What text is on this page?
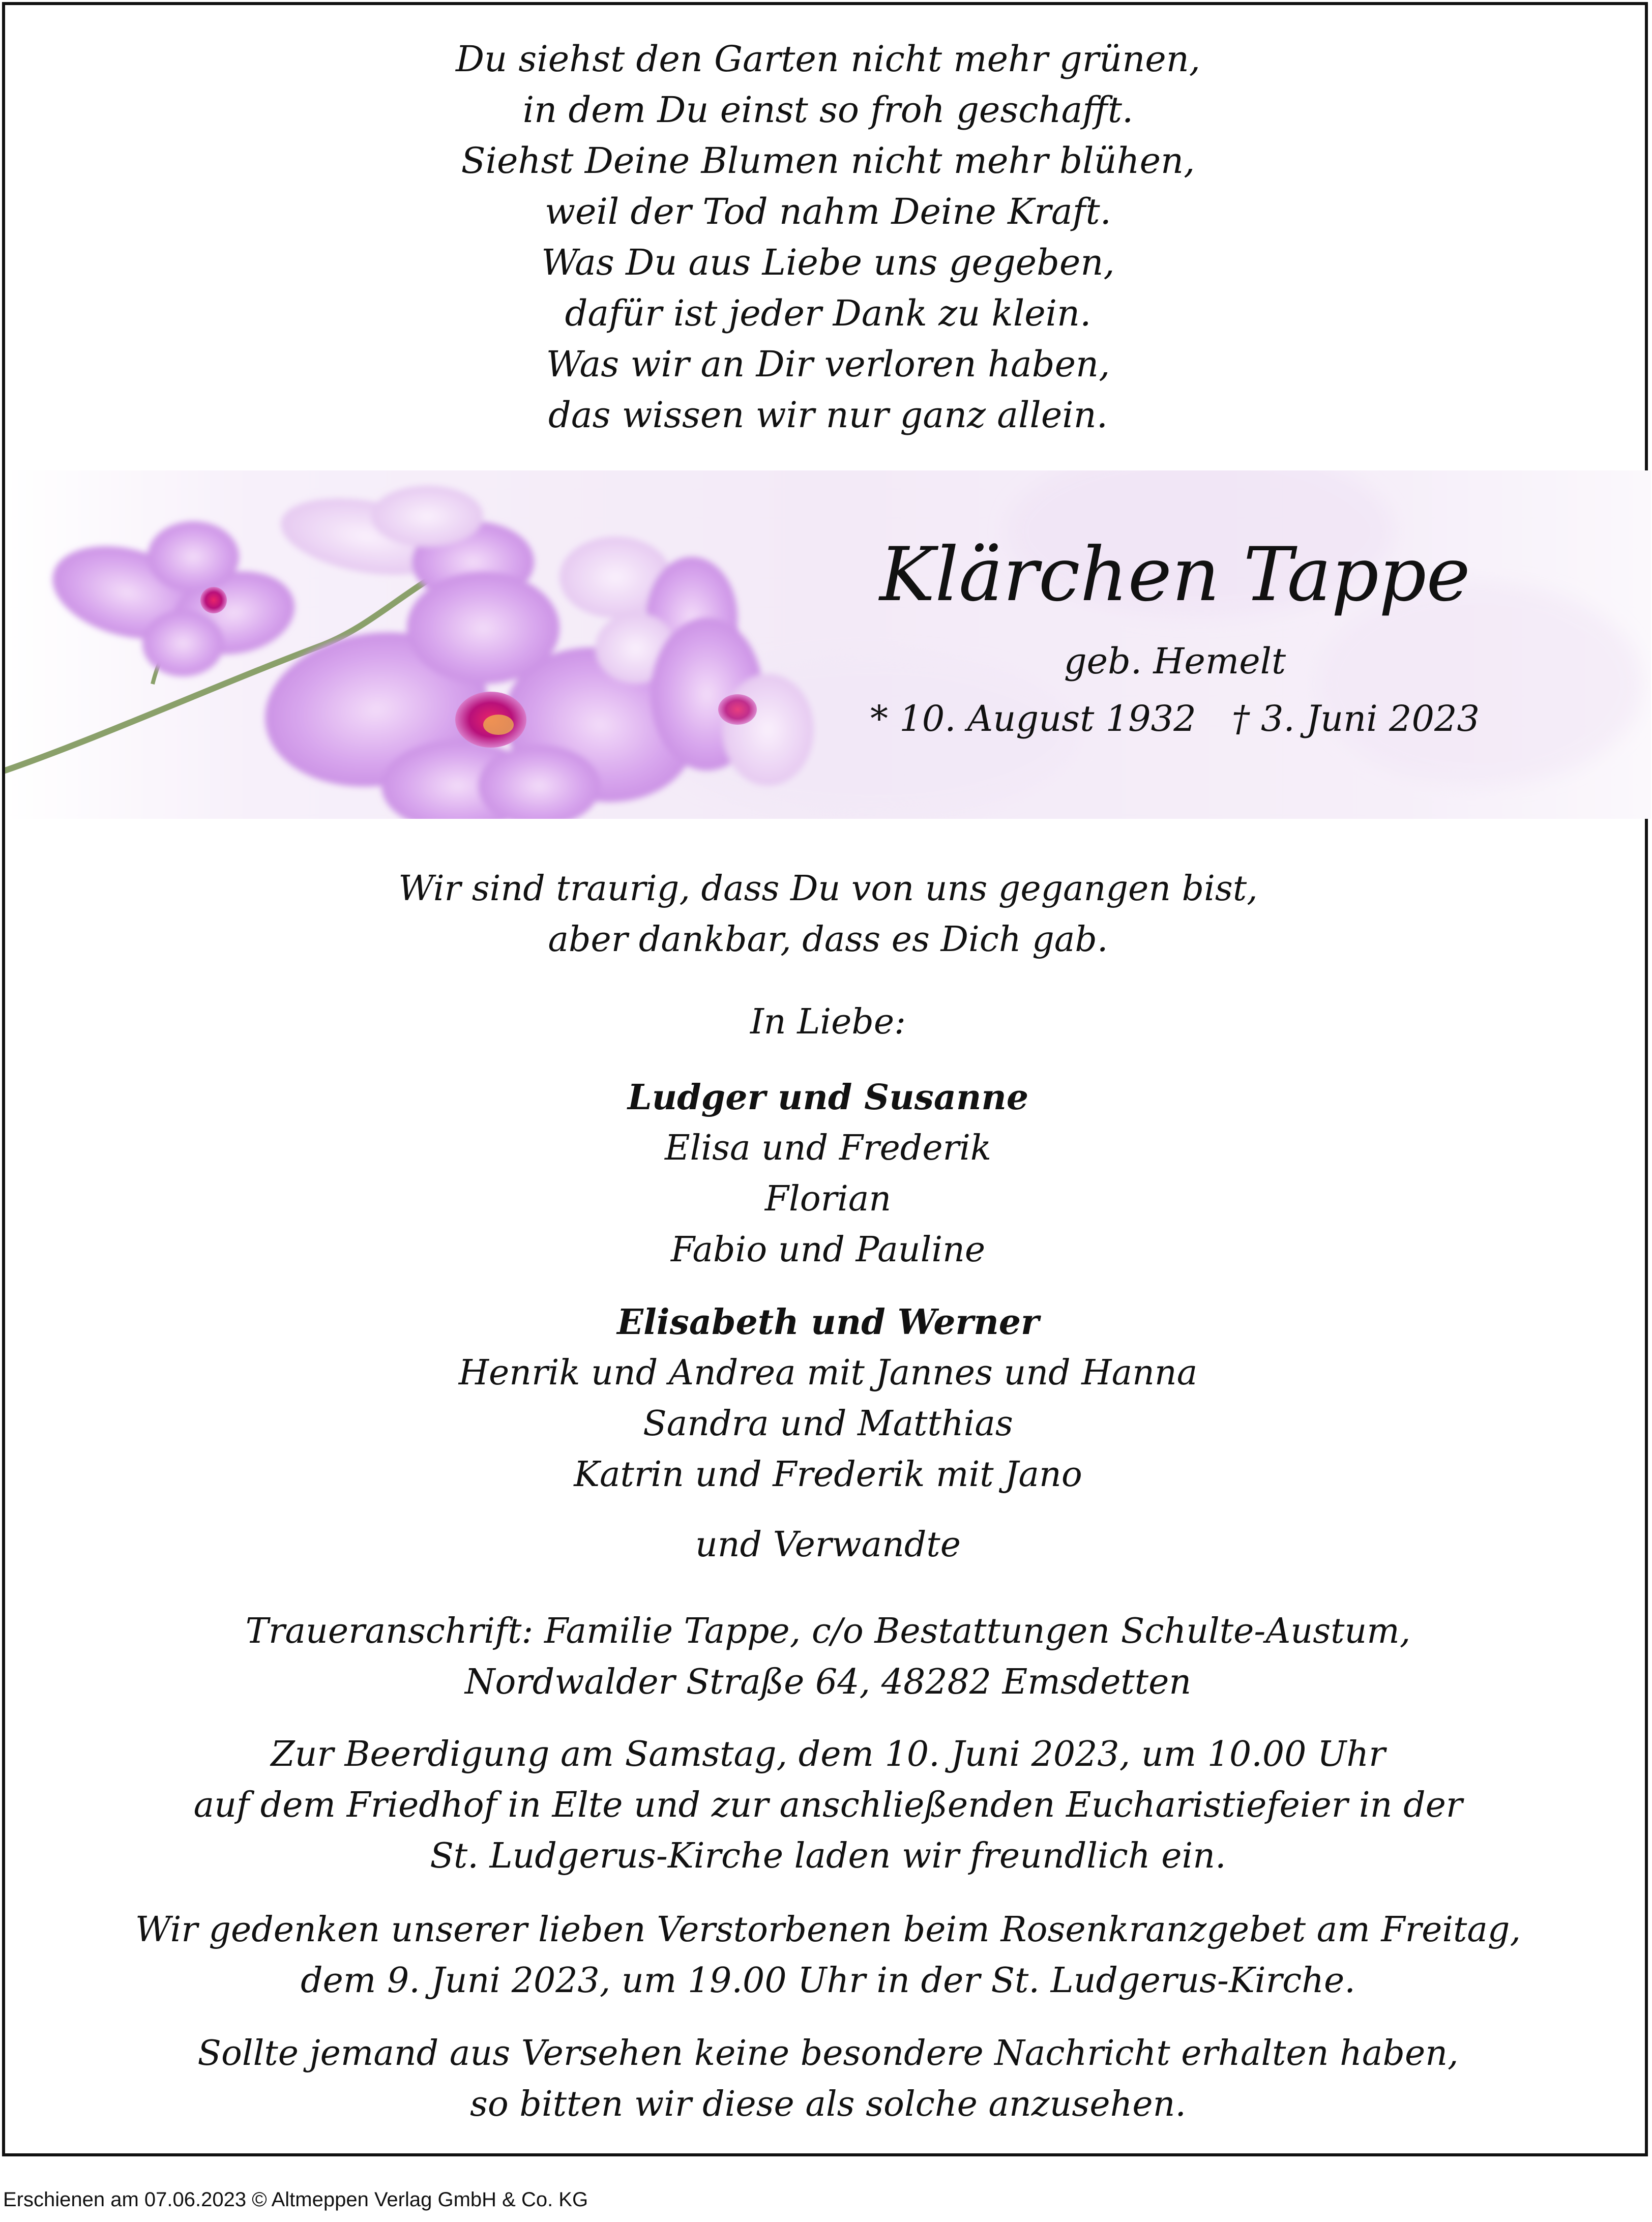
Du siehst den Garten nicht mehr grünen,
in dem Du einst so froh geschafft.
Siehst Deine Blumen nicht mehr blühen,
weil der Tod nahm Deine Kraft.
Was Du aus Liebe uns gegeben,
dafür ist jeder Dank zu klein.
Was wir an Dir verloren haben,
das wissen wir nur ganz allein.
Klärchen Tappe
geb. Hemelt
* 10. August 1932 † 3. Juni 2023
Wir sind traurig, dass Du von uns gegangen bist,
aber dankbar, dass es Dich gab.
In Liebe:
Ludger und Susanne
Elisa und Frederik
Florian
Fabio und Pauline
Elisabeth und Werner
Henrik und Andrea mit Jannes und Hanna
Sandra und Matthias
Katrin und Frederik mit Jano
und Verwandte
Traueranschrift: Familie Tappe, c/o Bestattungen Schulte-Austum,
Nordwalder Straße 64, 48282 Emsdetten
Zur Beerdigung am Samstag, dem 10. Juni 2023, um 10.00 Uhr
auf dem Friedhof in Elte und zur anschließenden Eucharistiefeier in der
St. Ludgerus-Kirche laden wir freundlich ein.
Wir gedenken unserer lieben Verstorbenen beim Rosenkranzgebet am Freitag,
dem 9. Juni 2023, um 19.00 Uhr in der St. Ludgerus-Kirche.
Sollte jemand aus Versehen keine besondere Nachricht erhalten haben,
so bitten wir diese als solche anzusehen.
Erschienen am 07.06.2023 © Altmeppen Verlag GmbH & Co. KG
